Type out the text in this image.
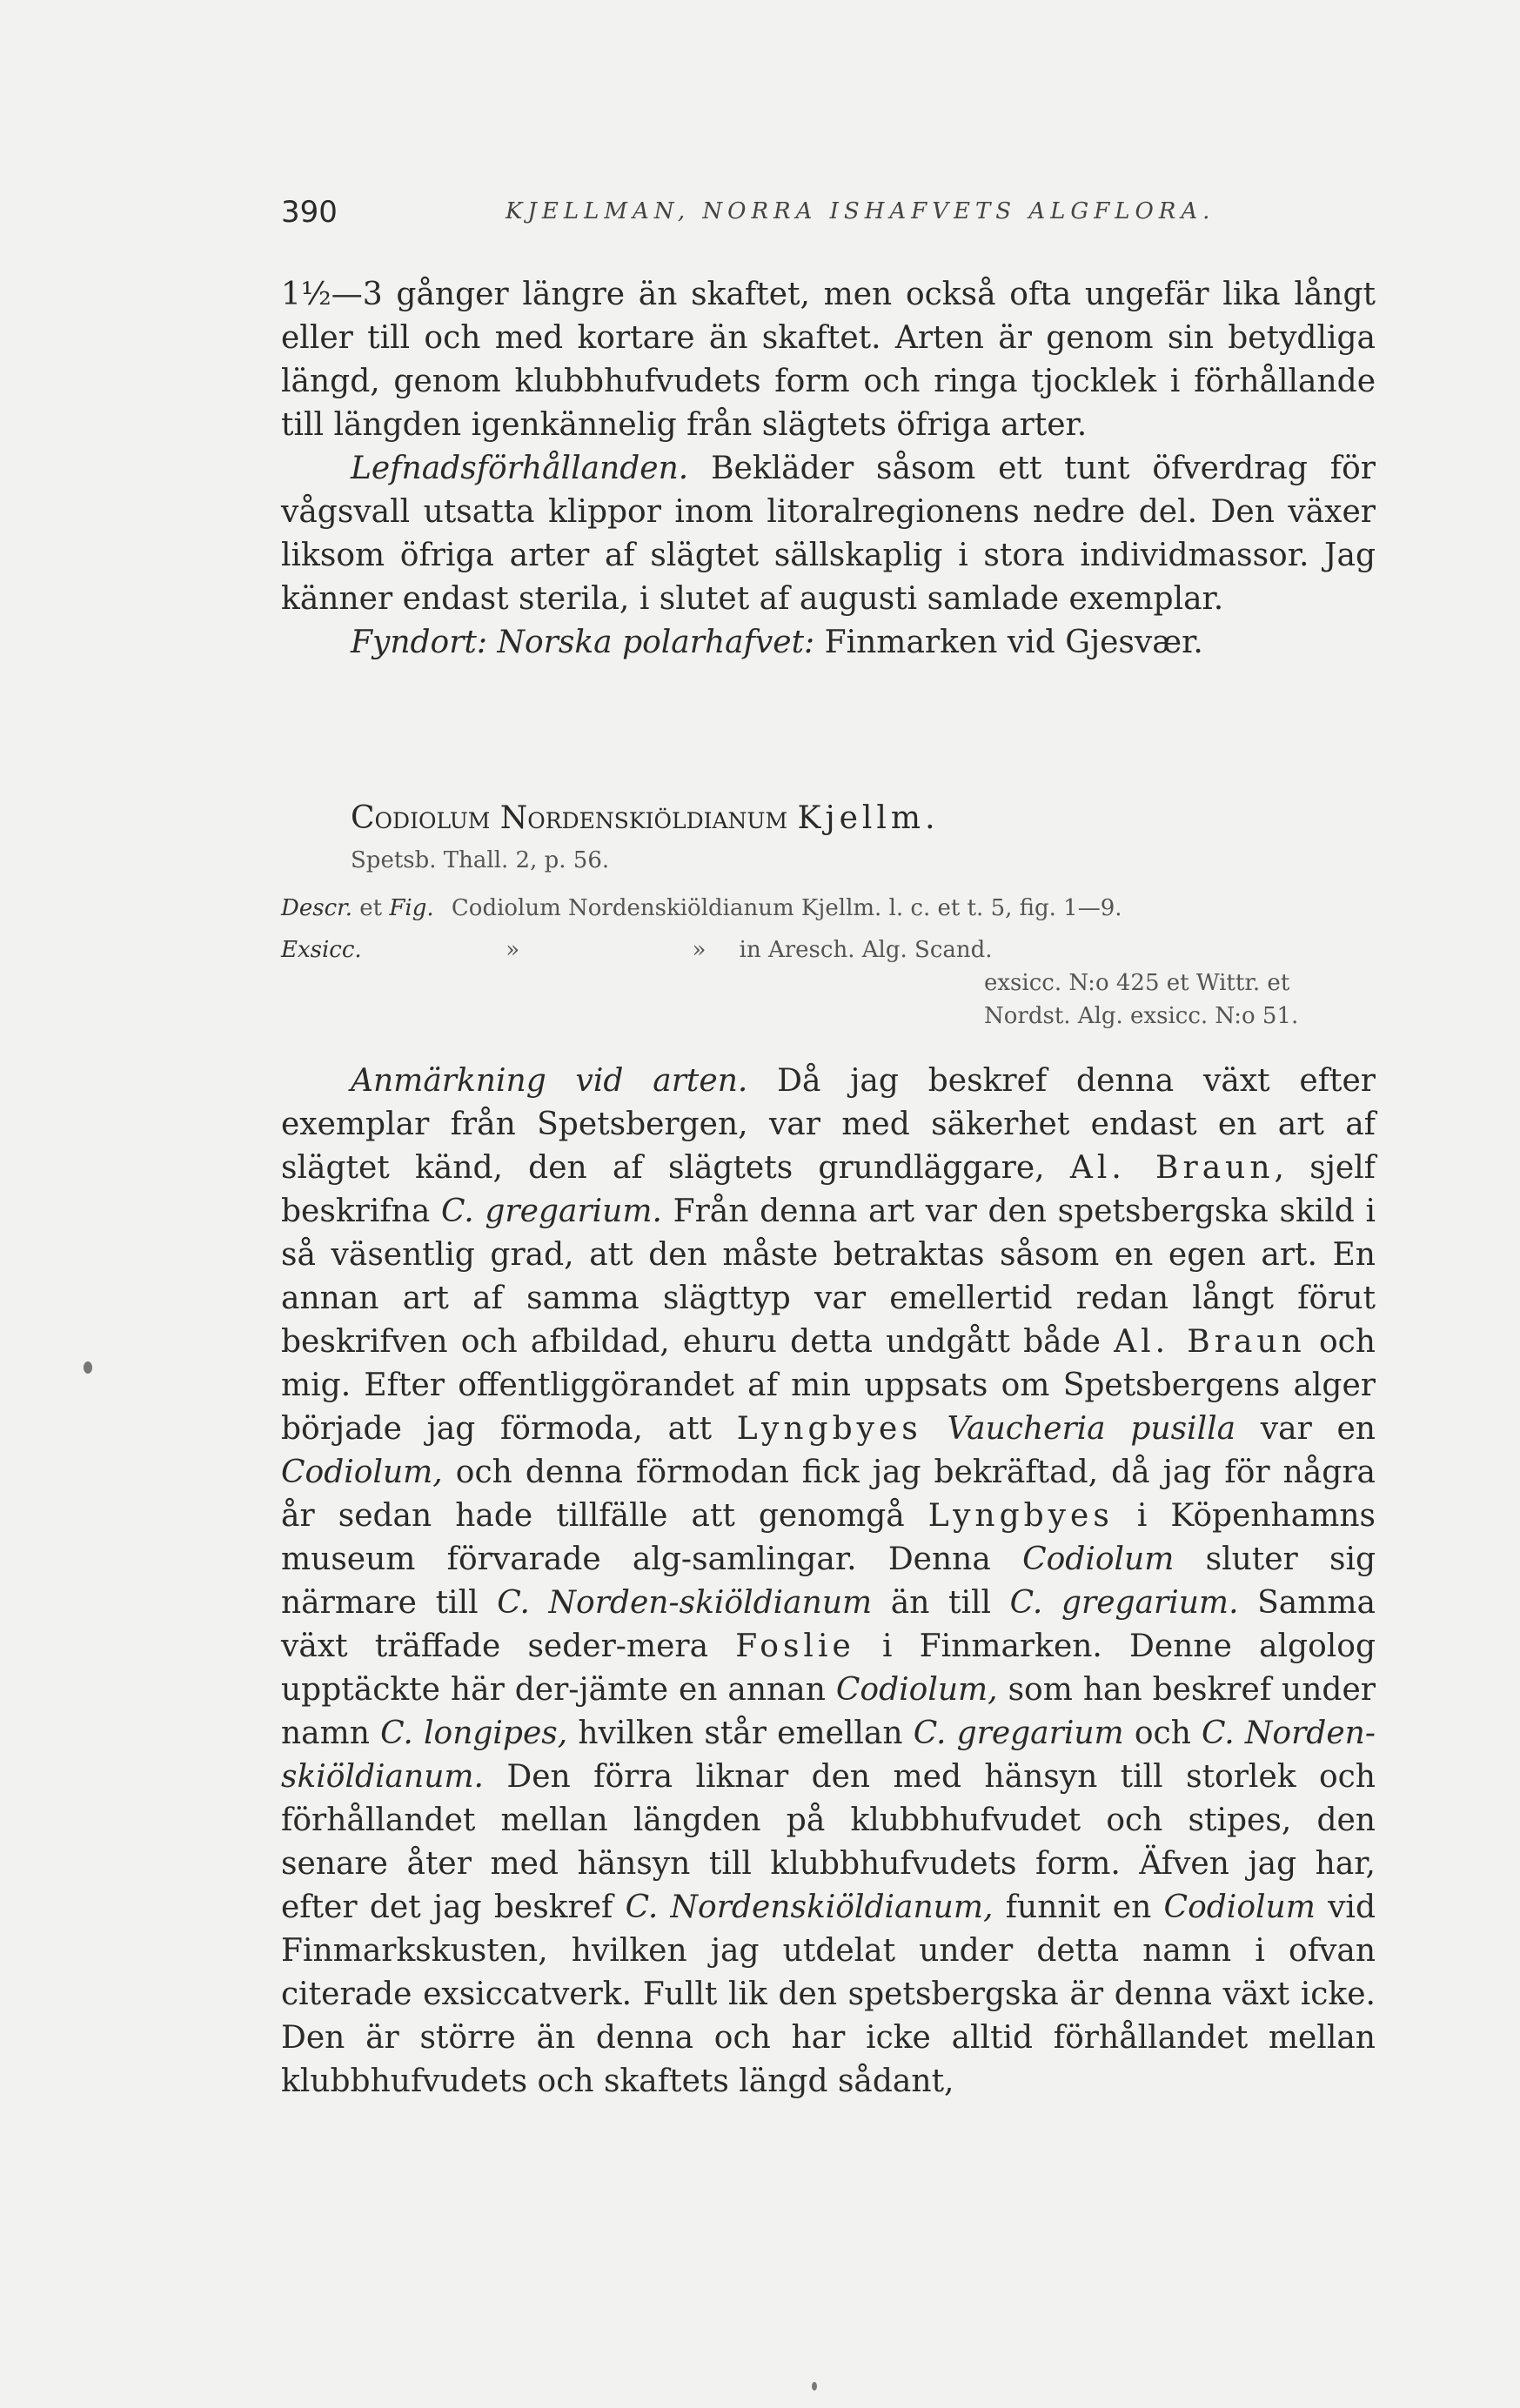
390	KJELLMAN, NORRA ISHAFVETS ALGFLORA.

1½—3 gånger längre än skaftet, men också ofta ungefär lika långt eller till och med kortare än skaftet. Arten är genom sin betydliga längd, genom klubbhufvudets form och ringa tjocklek i förhållande till längden igenkännelig från slägtets öfriga arter.

Lefnadsförhållanden. Bekläder såsom ett tunt öfverdrag för vågsvall utsatta klippor inom litoralregionens nedre del. Den växer liksom öfriga arter af slägtet sällskaplig i stora individmassor. Jag känner endast sterila, i slutet af augusti samlade exemplar.

Fyndort: Norska polarhafvet: Finmarken vid Gjesvær.

Codiolum Nordenskiöldianum Kjellm.
Spetsb. Thall. 2, p. 56.
Descr. et Fig. Codiolum Nordenskiöldianum Kjellm. l. c. et t. 5, fig. 1—9.
Exsicc.	»	» in Aresch. Alg. Scand.
exsicc. N:o 425 et Wittr. et
Nordst. Alg. exsicc. N:o 51.

Anmärkning vid arten. Då jag beskref denna växt efter exemplar från Spetsbergen, var med säkerhet endast en art af slägtet känd, den af slägtets grundläggare, Al. Braun, sjelf beskrifna C. gregarium. Från denna art var den spetsbergska skild i så väsentlig grad, att den måste betraktas såsom en egen art. En annan art af samma slägttyp var emellertid redan långt förut beskrifven och afbildad, ehuru detta undgått både Al. Braun och mig. Efter offentliggörandet af min uppsats om Spetsbergens alger började jag förmoda, att Lyngbyes Vaucheria pusilla var en Codiolum, och denna förmodan fick jag bekräftad, då jag för några år sedan hade tillfälle att genomgå Lyngbyes i Köpenhamns museum förvarade alg-samlingar. Denna Codiolum sluter sig närmare till C. Norden-skiöldianum än till C. gregarium. Samma växt träffade seder-mera Foslie i Finmarken. Denne algolog upptäckte här der-jämte en annan Codiolum, som han beskref under namn C. longipes, hvilken står emellan C. gregarium och C. Norden-skiöldianum. Den förra liknar den med hänsyn till storlek och förhållandet mellan längden på klubbhufvudet och stipes, den senare åter med hänsyn till klubbhufvudets form. Äfven jag har, efter det jag beskref C. Nordenskiöldianum, funnit en Codiolum vid Finmarkskusten, hvilken jag utdelat under detta namn i ofvan citerade exsiccatverk. Fullt lik den spetsbergska är denna växt icke. Den är större än denna och har icke alltid förhållandet mellan klubbhufvudets och skaftets längd sådant,
